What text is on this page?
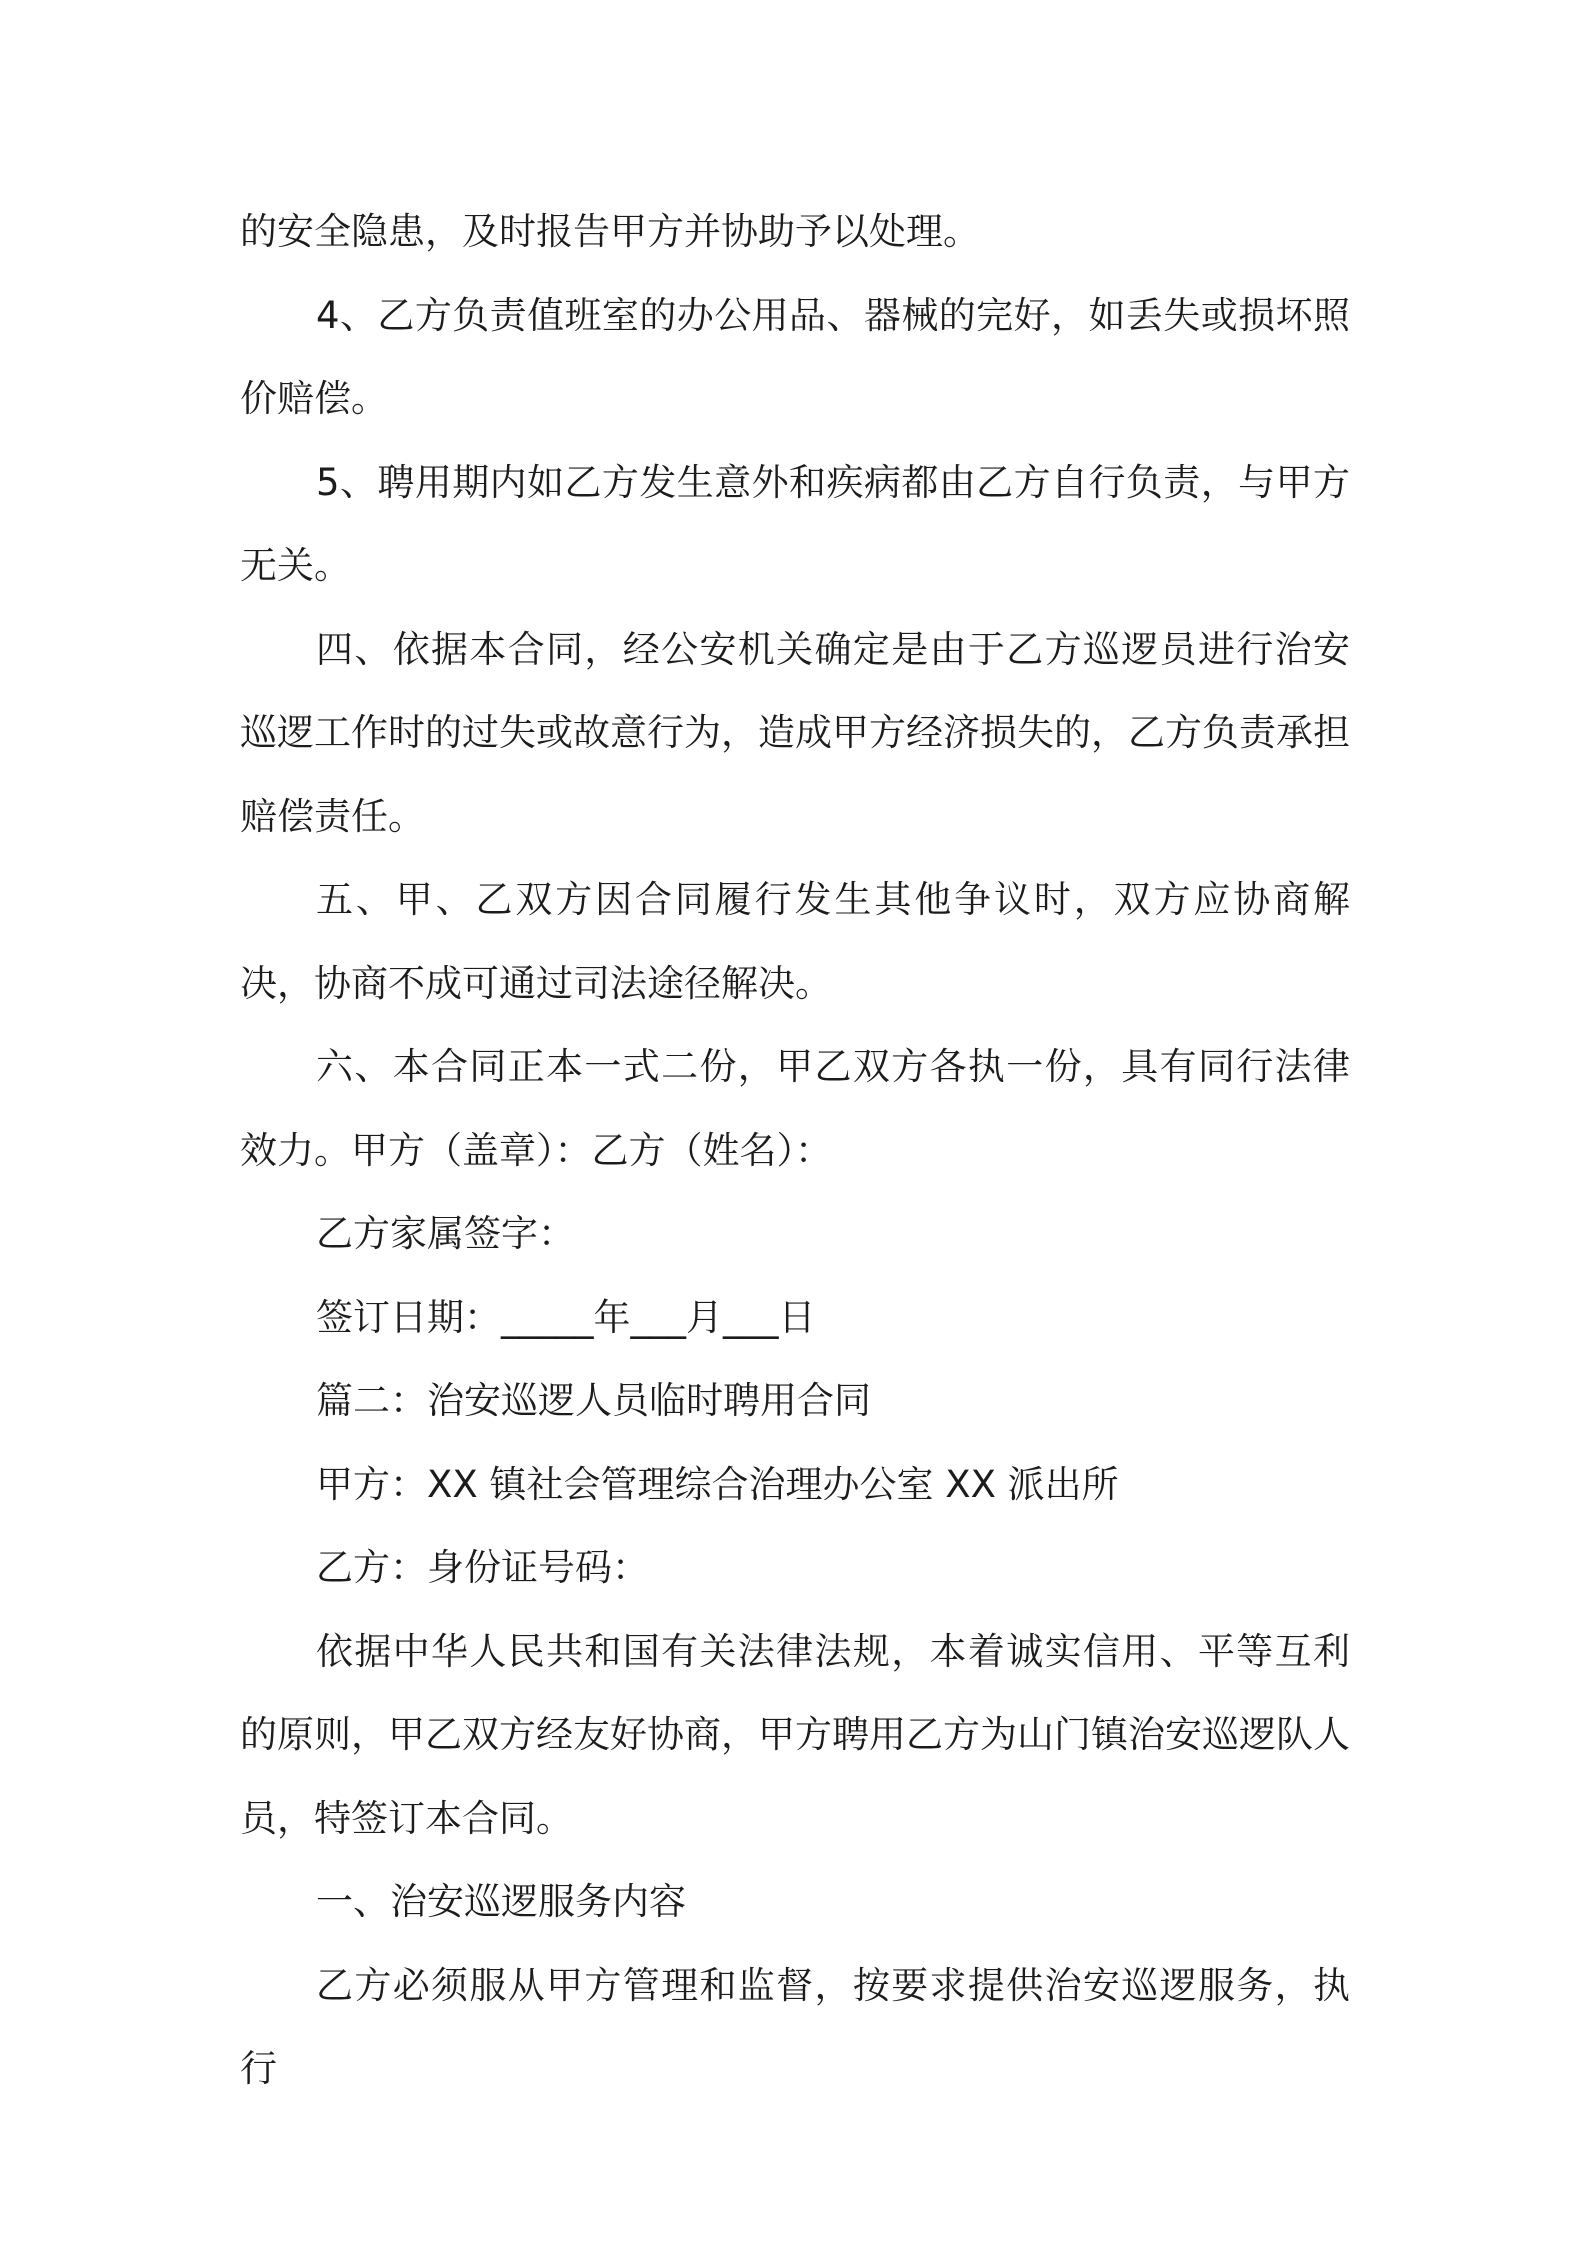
的安全隐患，及时报告甲方并协助予以处理。

4、乙方负责值班室的办公用品、器械的完好，如丢失或损坏照价赔偿。

5、聘用期内如乙方发生意外和疾病都由乙方自行负责，与甲方无关。

四、依据本合同，经公安机关确定是由于乙方巡逻员进行治安巡逻工作时的过失或故意行为，造成甲方经济损失的，乙方负责承担赔偿责任。

五、甲、乙双方因合同履行发生其他争议时，双方应协商解决，协商不成可通过司法途径解决。

六、本合同正本一式二份，甲乙双方各执一份，具有同行法律效力。甲方（盖章）：乙方（姓名）：

乙方家属签字：

签订日期：_____年___月___日

篇二：治安巡逻人员临时聘用合同

甲方：XX 镇社会管理综合治理办公室 XX 派出所

乙方：身份证号码：

依据中华人民共和国有关法律法规，本着诚实信用、平等互利的原则，甲乙双方经友好协商，甲方聘用乙方为山门镇治安巡逻队人员，特签订本合同。

一、治安巡逻服务内容

乙方必须服从甲方管理和监督，按要求提供治安巡逻服务，执行
